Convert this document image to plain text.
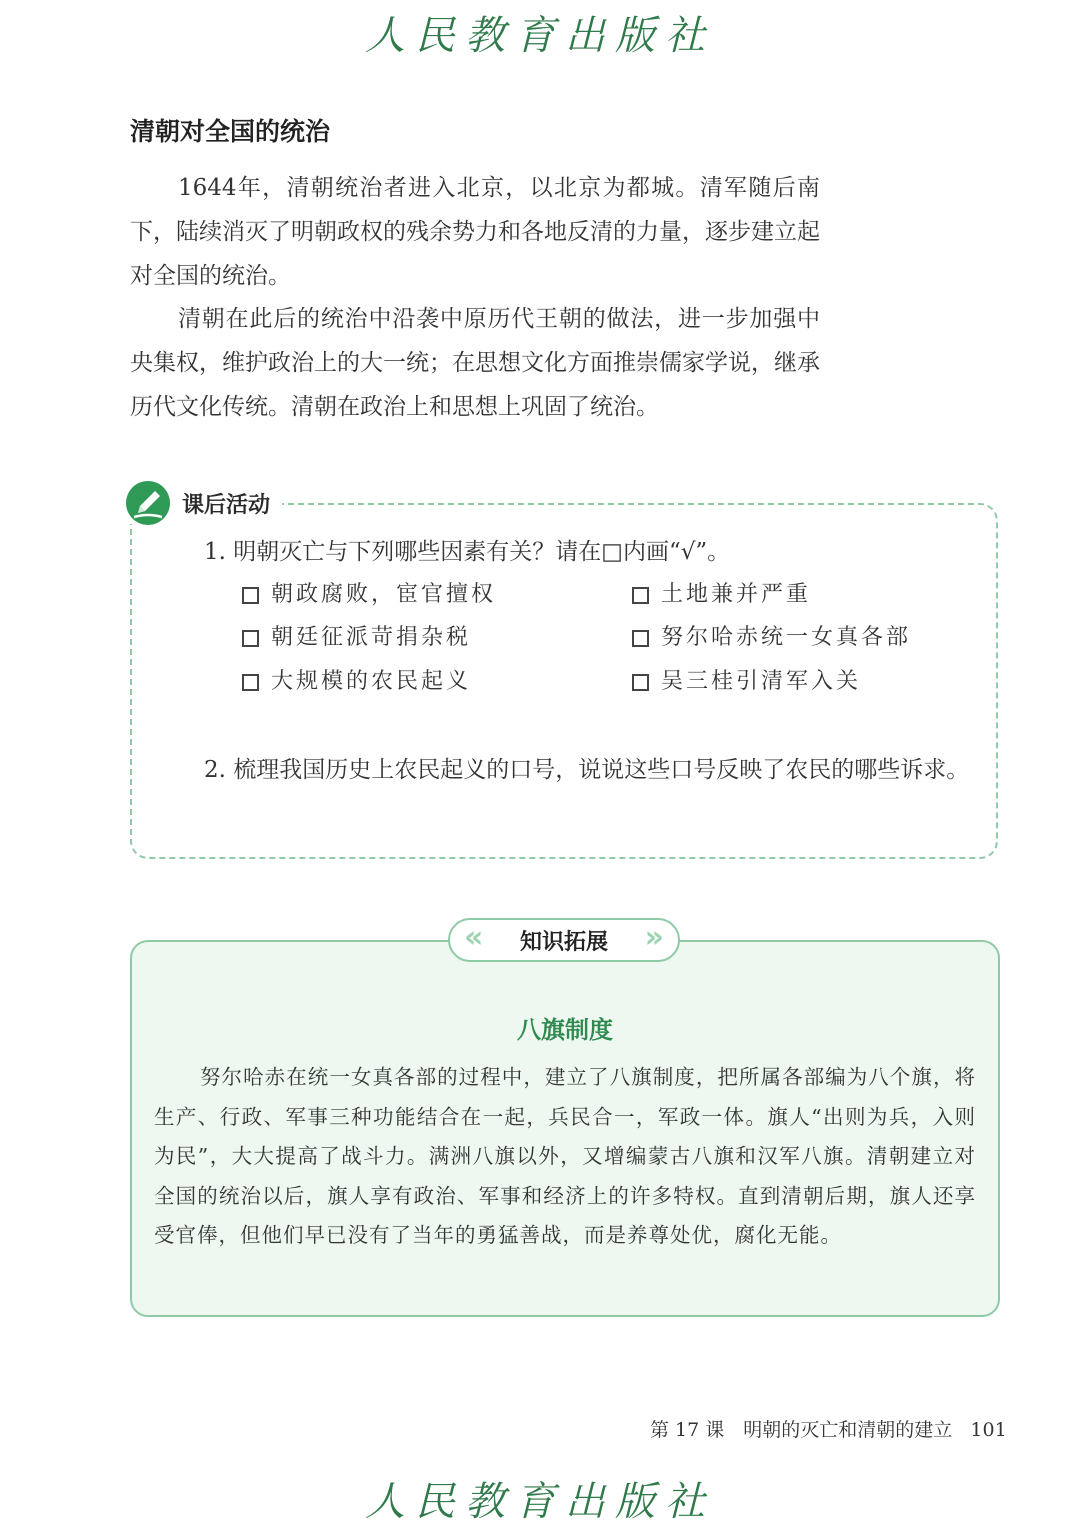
人民教育出版社
清朝对全国的统治
1644年，清朝统治者进入北京，以北京为都城。清军随后南下，陆续消灭了明朝政权的残余势力和各地反清的力量，逐步建立起对全国的统治。
清朝在此后的统治中沿袭中原历代王朝的做法，进一步加强中央集权，维护政治上的大一统；在思想文化方面推崇儒家学说，继承历代文化传统。清朝在政治上和思想上巩固了统治。
课后活动
1. 明朝灭亡与下列哪些因素有关？请在□内画“√”。
朝政腐败，宦官擅权	土地兼并严重
朝廷征派苛捐杂税	努尔哈赤统一女真各部
大规模的农民起义	吴三桂引清军入关
2. 梳理我国历史上农民起义的口号，说说这些口号反映了农民的哪些诉求。
« 知识拓展 »
八旗制度
努尔哈赤在统一女真各部的过程中，建立了八旗制度，把所属各部编为八个旗，将生产、行政、军事三种功能结合在一起，兵民合一，军政一体。旗人“出则为兵，入则为民”，大大提高了战斗力。满洲八旗以外，又增编蒙古八旗和汉军八旗。清朝建立对全国的统治以后，旗人享有政治、军事和经济上的许多特权。直到清朝后期，旗人还享受官俸，但他们早已没有了当年的勇猛善战，而是养尊处优，腐化无能。
第 17 课　明朝的灭亡和清朝的建立 101
人民教育出版社
